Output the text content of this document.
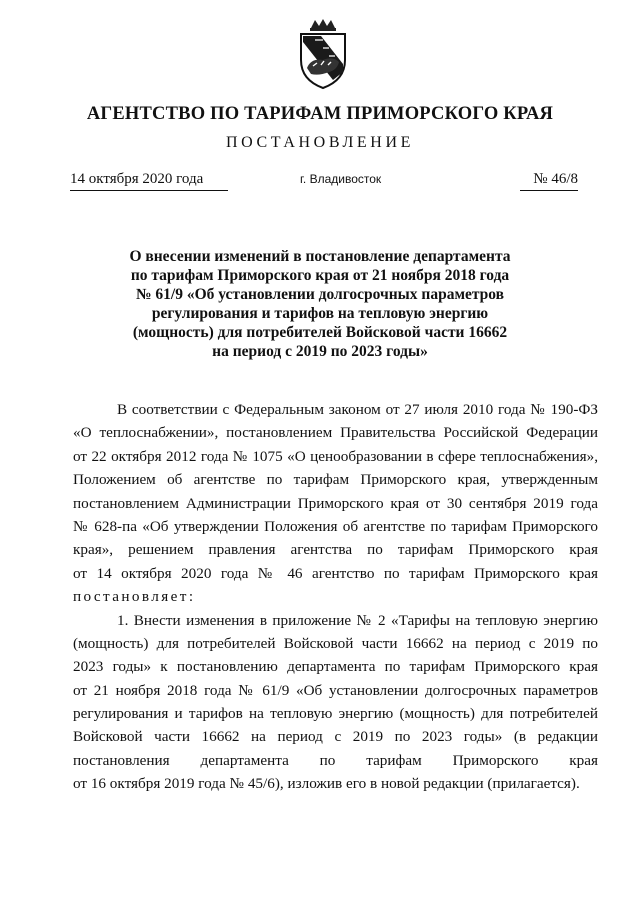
АГЕНТСТВО ПО ТАРИФАМ ПРИМОРСКОГО КРАЯ
ПОСТАНОВЛЕНИЕ
14 октября 2020 года	г. Владивосток	№ 46/8
О внесении изменений в постановление департамента
по тарифам Приморского края от 21 ноября 2018 года
№ 61/9 «Об установлении долгосрочных параметров
регулирования и тарифов на тепловую энергию
(мощность) для потребителей Войсковой части 16662
на период с 2019 по 2023 годы»
В соответствии с Федеральным законом от 27 июля 2010 года № 190-ФЗ
«О теплоснабжении», постановлением Правительства Российской Федерации
от 22 октября 2012 года № 1075 «О ценообразовании в сфере теплоснабжения»,
Положением об агентстве по тарифам Приморского края, утвержденным
постановлением Администрации Приморского края от 30 сентября 2019 года
№ 628-па «Об утверждении Положения об агентстве по тарифам Приморского
края», решением правления агентства по тарифам Приморского края
от 14 октября 2020 года № 46 агентство по тарифам Приморского края
постановляет:
1. Внести изменения в приложение № 2 «Тарифы на тепловую энергию
(мощность) для потребителей Войсковой части 16662 на период с 2019 по
2023 годы» к постановлению департамента по тарифам Приморского края
от 21 ноября 2018 года № 61/9 «Об установлении долгосрочных параметров
регулирования и тарифов на тепловую энергию (мощность) для потребителей
Войсковой части 16662 на период с 2019 по 2023 годы» (в редакции
постановления департамента по тарифам Приморского края
от 16 октября 2019 года № 45/6), изложив его в новой редакции (прилагается).
